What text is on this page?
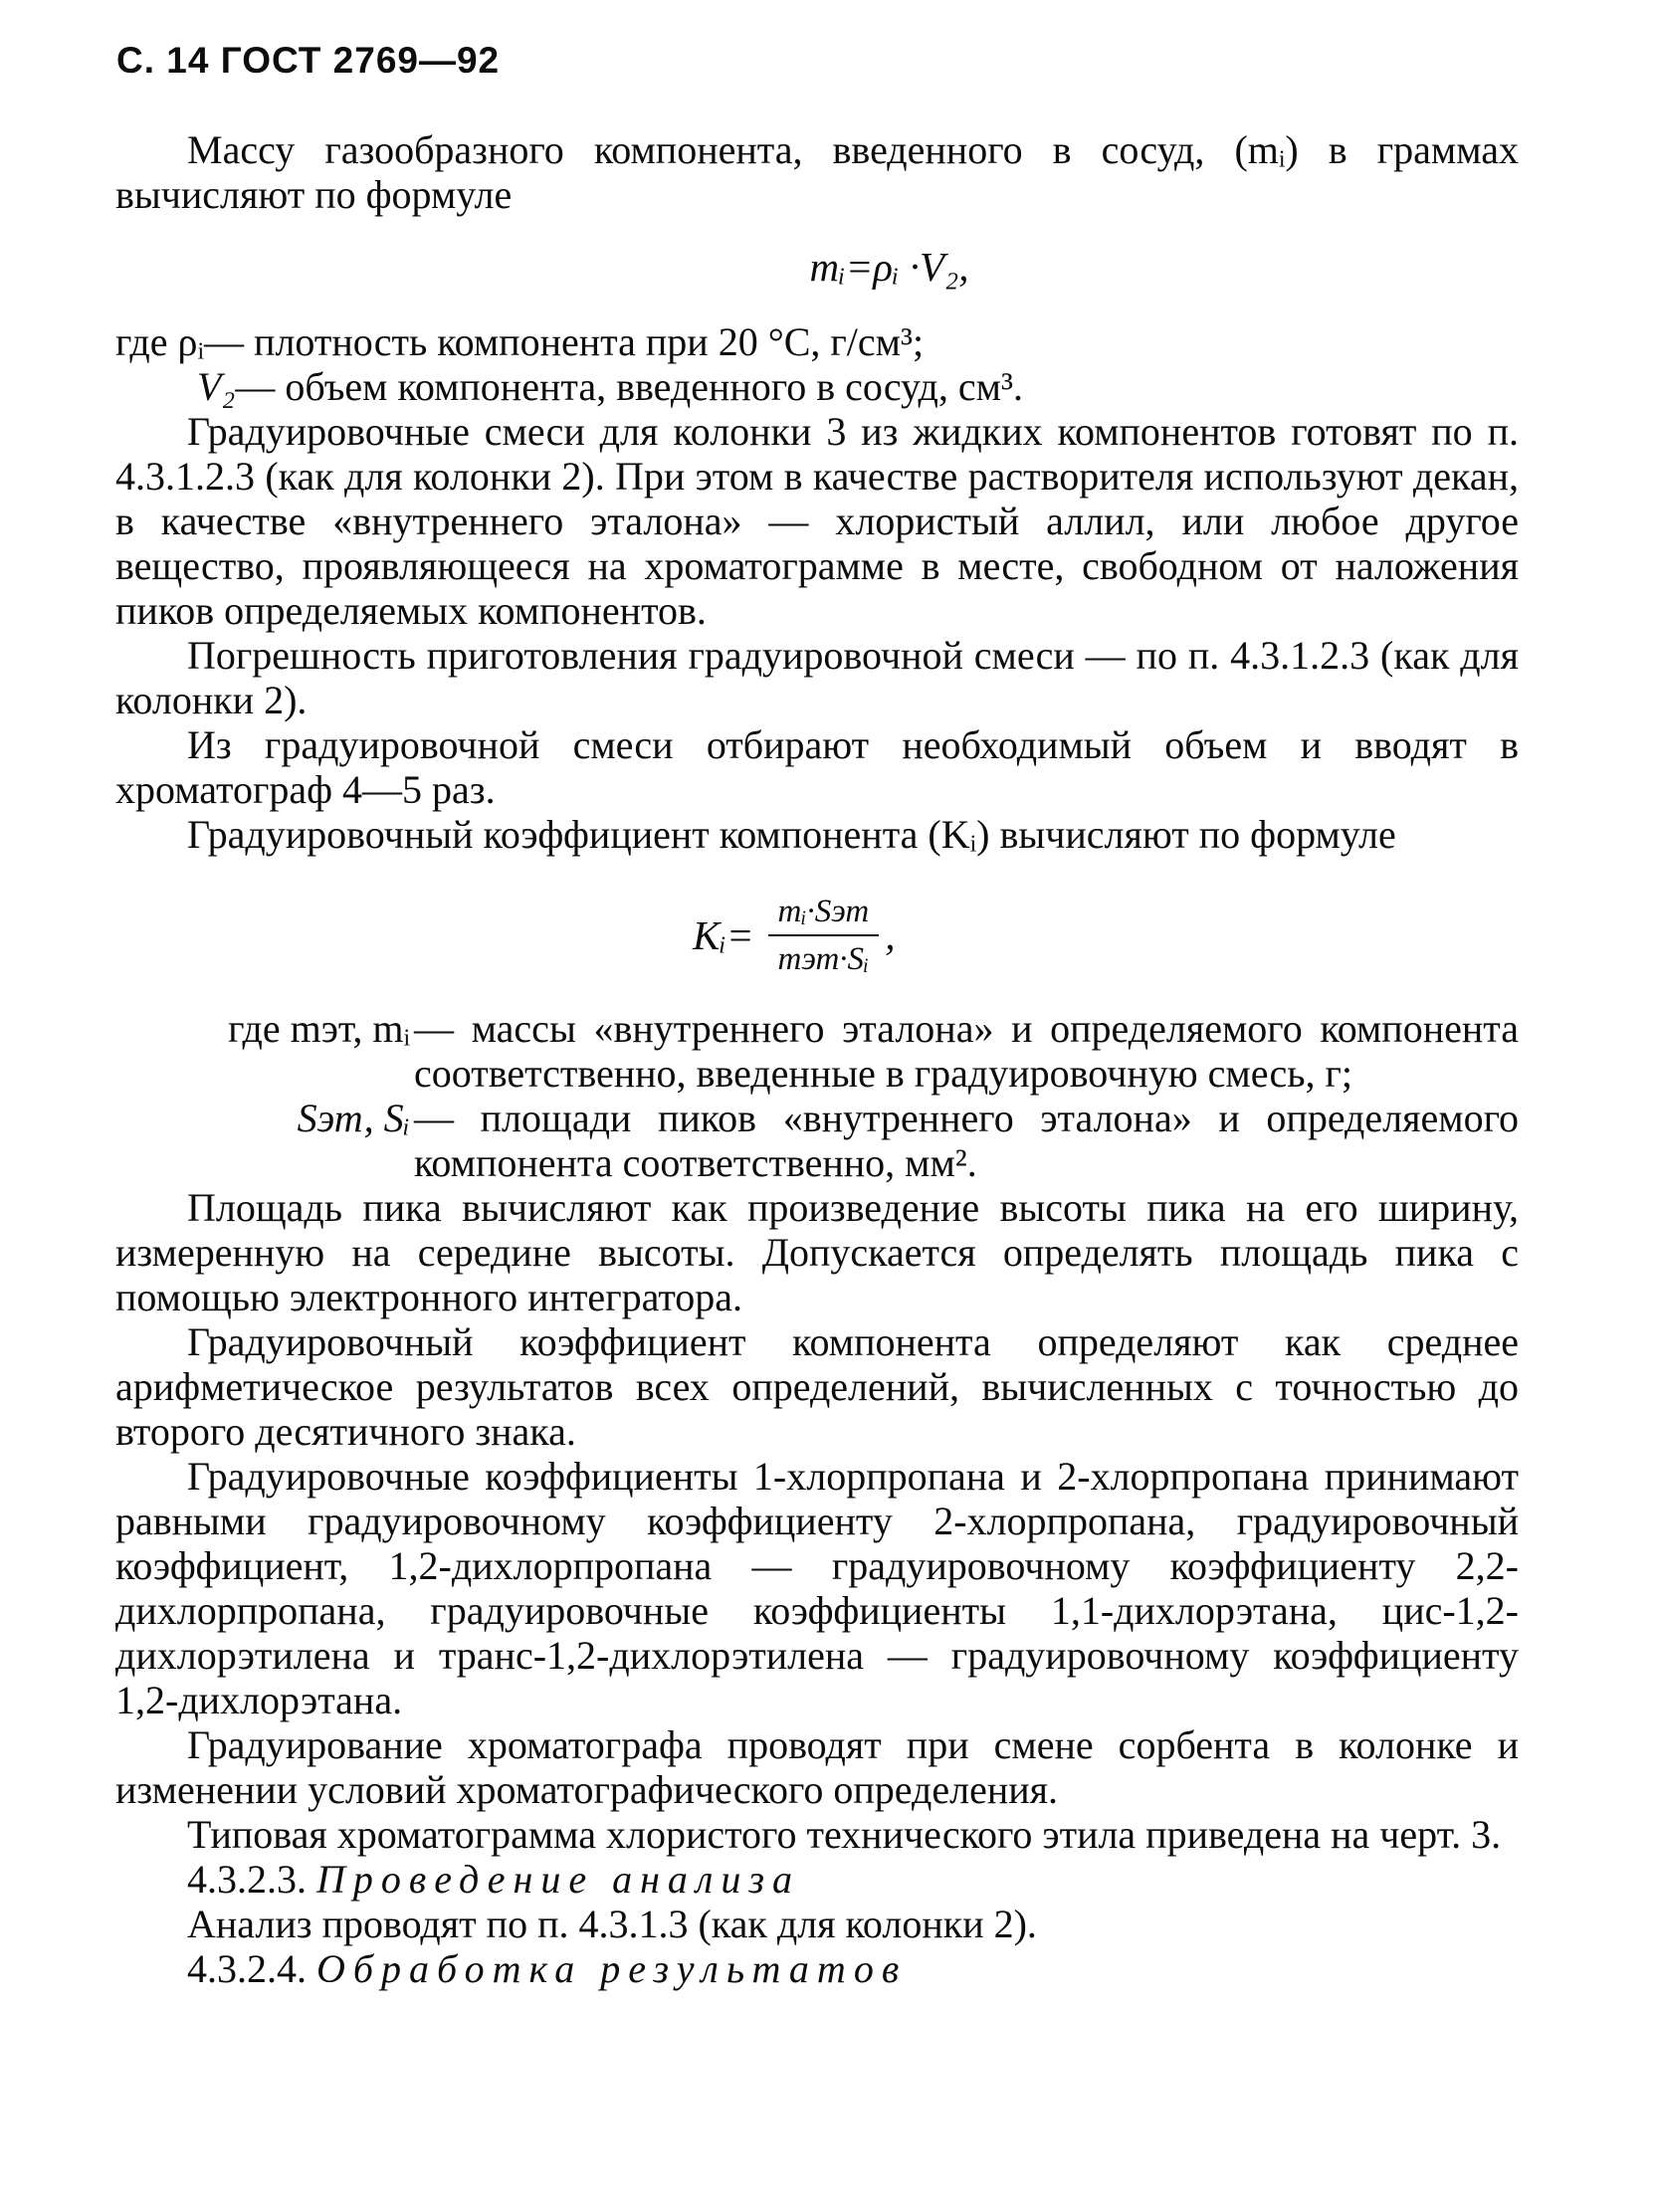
С. 14 ГОСТ 2769—92

Массу газообразного компонента, введенного в сосуд, (mᵢ) в граммах вычисляют по формуле

mᵢ=ρᵢ ·V₂,
где ρᵢ — плотность компонента при 20 °С, г/см³;
V₂ — объем компонента, введенного в сосуд, см³.

Градуировочные смеси для колонки 3 из жидких компонентов готовят по п. 4.3.1.2.3 (как для колонки 2). При этом в качестве растворителя используют декан, в качестве «внутреннего эталона» — хлористый аллил, или любое другое вещество, проявляющееся на хроматограмме в месте, свободном от наложения пиков определяемых компонентов.

Погрешность приготовления градуировочной смеси — по п. 4.3.1.2.3 (как для колонки 2).

Из градуировочной смеси отбирают необходимый объем и вводят в хроматограф 4—5 раз.

Градуировочный коэффициент компонента (Kᵢ) вычисляют по формуле

Kᵢ= $\frac{\text{mᵢ·Sэт}}{\text{mэт·Sᵢ}}$ ,
где mэт, mᵢ — массы «внутреннего эталона» и определяемого компонента соответственно, введенные в градуировочную смесь, г;
Sэт, Sᵢ — площади пиков «внутреннего эталона» и определяемого компонента соответственно, мм².

Площадь пика вычисляют как произведение высоты пика на его ширину, измеренную на середине высоты. Допускается определять площадь пика с помощью электронного интегратора.

Градуировочный коэффициент компонента определяют как среднее арифметическое результатов всех определений, вычисленных с точностью до второго десятичного знака.

Градуировочные коэффициенты 1-хлорпропана и 2-хлорпропана принимают равными градуировочному коэффициенту 2-хлорпропана, градуировочный коэффициент, 1,2-дихлорпропана — градуировочному коэффициенту 2,2-дихлорпропана, градуировочные коэффициенты 1,1-дихлорэтана, цис-1,2-дихлорэтилена и транс-1,2-дихлорэтилена — градуировочному коэффициенту 1,2-дихлорэтана.

Градуирование хроматографа проводят при смене сорбента в колонке и изменении условий хроматографического определения.

Типовая хроматограмма хлористого технического этила приведена на черт. 3.

4.3.2.3. Проведение анализа
Анализ проводят по п. 4.3.1.3 (как для колонки 2).
4.3.2.4. Обработка результатов
